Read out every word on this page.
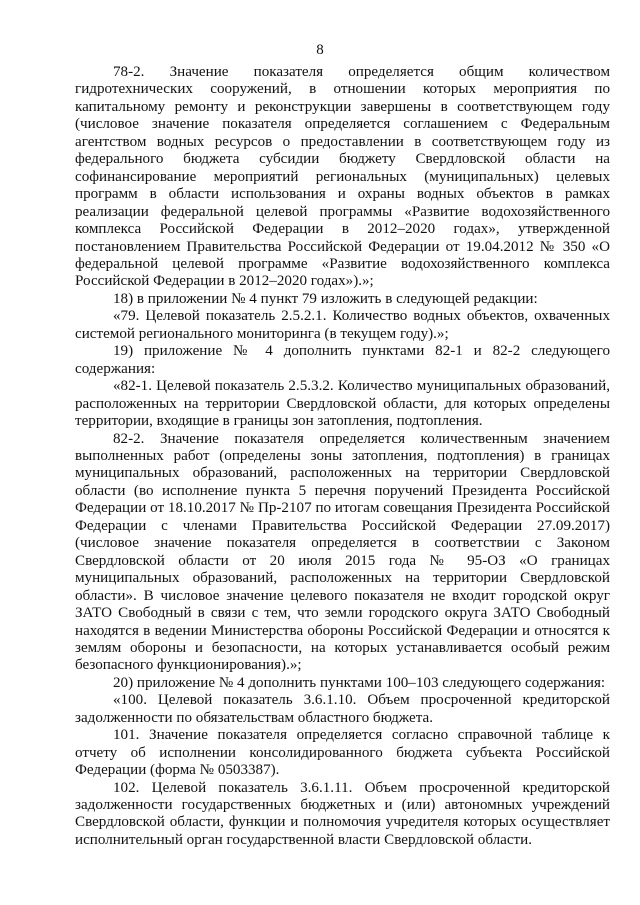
8

78-2. Значение показателя определяется общим количеством гидротехнических сооружений, в отношении которых мероприятия по капитальному ремонту и реконструкции завершены в соответствующем году (числовое значение показателя определяется соглашением с Федеральным агентством водных ресурсов о предоставлении в соответствующем году из федерального бюджета субсидии бюджету Свердловской области на софинансирование мероприятий региональных (муниципальных) целевых программ в области использования и охраны водных объектов в рамках реализации федеральной целевой программы «Развитие водохозяйственного комплекса Российской Федерации в 2012–2020 годах», утвержденной постановлением Правительства Российской Федерации от 19.04.2012 № 350 «О федеральной целевой программе «Развитие водохозяйственного комплекса Российской Федерации в 2012–2020 годах»).»;

18) в приложении № 4 пункт 79 изложить в следующей редакции:

«79. Целевой показатель 2.5.2.1. Количество водных объектов, охваченных системой регионального мониторинга (в текущем году).»;

19) приложение № 4 дополнить пунктами 82-1 и 82-2 следующего содержания:

«82-1. Целевой показатель 2.5.3.2. Количество муниципальных образований, расположенных на территории Свердловской области, для которых определены территории, входящие в границы зон затопления, подтопления.

82-2. Значение показателя определяется количественным значением выполненных работ (определены зоны затопления, подтопления) в границах муниципальных образований, расположенных на территории Свердловской области (во исполнение пункта 5 перечня поручений Президента Российской Федерации от 18.10.2017 № Пр-2107 по итогам совещания Президента Российской Федерации с членами Правительства Российской Федерации 27.09.2017) (числовое значение показателя определяется в соответствии с Законом Свердловской области от 20 июля 2015 года № 95-ОЗ «О границах муниципальных образований, расположенных на территории Свердловской области». В числовое значение целевого показателя не входит городской округ ЗАТО Свободный в связи с тем, что земли городского округа ЗАТО Свободный находятся в ведении Министерства обороны Российской Федерации и относятся к землям обороны и безопасности, на которых устанавливается особый режим безопасного функционирования).»;

20) приложение № 4 дополнить пунктами 100–103 следующего содержания:

«100. Целевой показатель 3.6.1.10. Объем просроченной кредиторской задолженности по обязательствам областного бюджета.

101. Значение показателя определяется согласно справочной таблице к отчету об исполнении консолидированного бюджета субъекта Российской Федерации (форма № 0503387).

102. Целевой показатель 3.6.1.11. Объем просроченной кредиторской задолженности государственных бюджетных и (или) автономных учреждений Свердловской области, функции и полномочия учредителя которых осуществляет исполнительный орган государственной власти Свердловской области.
